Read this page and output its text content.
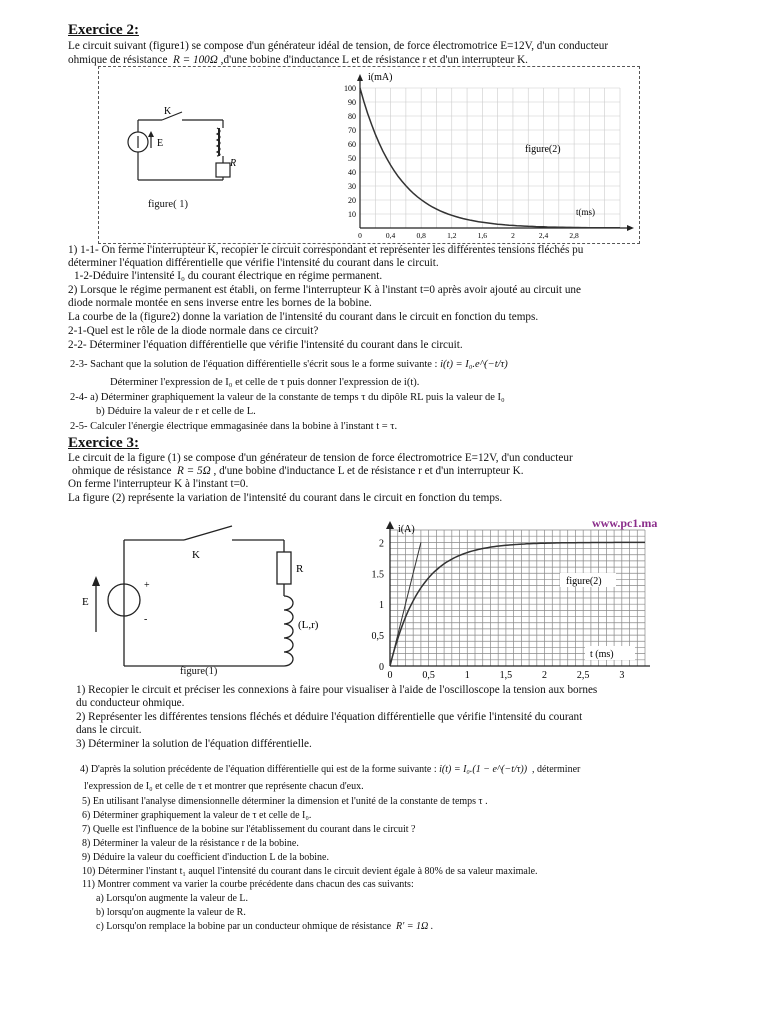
Exercice 2:
Le circuit suivant (figure1) se compose d'un générateur idéal de tension, de force électromotrice E=12V, d'un conducteur
ohmique de résistance R = 100Ω ,d'une bobine d'inductance L et de résistance r et d'un interrupteur K.
K
E
R
figure( 1)
100
90
80
70
60
50
40
30
20
10
0	0,4	0,8	1,2	1,6	2	2,4	2,8
i(mA)
t(ms)
figure(2)
1) 1-1- On ferme l'interrupteur K, recopier le circuit correspondant et représenter les différentes tensions fléchés pu
déterminer l'équation différentielle que vérifie l'intensité du courant dans le circuit.
1-2-Déduire l'intensité I₀ du courant électrique en régime permanent.
2) Lorsque le régime permanent est établi, on ferme l'interrupteur K à l'instant t=0 après avoir ajouté au circuit une
diode normale montée en sens inverse entre les bornes de la bobine.
La courbe de la (figure2) donne la variation de l'intensité du courant dans le circuit en fonction du temps.
2-1-Quel est le rôle de la diode normale dans ce circuit?
2-2- Déterminer l'équation différentielle que vérifie l'intensité du courant dans le circuit.
2-3- Sachant que la solution de l'équation différentielle s'écrit sous le a forme suivante : i(t) = I₀.e^(−t/τ)
Déterminer l'expression de I₀ et celle de τ puis donner l'expression de i(t).
2-4- a) Déterminer graphiquement la valeur de la constante de temps τ du dipôle RL puis la valeur de I₀
b) Déduire la valeur de r et celle de L.
2-5- Calculer l'énergie électrique emmagasinée dans la bobine à l'instant t = τ.
Exercice 3:
Le circuit de la figure (1) se compose d'un générateur de tension de force électromotrice E=12V, d'un conducteur
ohmique de résistance R = 5Ω , d'une bobine d'inductance L et de résistance r et d'un interrupteur K.
On ferme l'interrupteur K à l'instant t=0.
La figure (2) représente la variation de l'intensité du courant dans le circuit en fonction du temps.
+
-
K
E
R
(L,r)
figure(1)
2
1.5
1
0,5
0
0	0,5	1	1,5	2	2,5	3
figure(2)
t (ms)
i(A)	www.pc1.ma
1) Recopier le circuit et préciser les connexions à faire pour visualiser à l'aide de l'oscilloscope la tension aux bornes
du conducteur ohmique.
2) Représenter les différentes tensions fléchés et déduire l'équation différentielle que vérifie l'intensité du courant
dans le circuit.
3) Déterminer la solution de l'équation différentielle.
4) D'après la solution précédente de l'équation différentielle qui est de la forme suivante : i(t) = I₀.(1 − e^(−t/τ)) , déterminer
l'expression de I₀ et celle de τ et montrer que représente chacun d'eux.
5) En utilisant l'analyse dimensionnelle déterminer la dimension et l'unité de la constante de temps τ .
6) Déterminer graphiquement la valeur de τ et celle de I₀.
7) Quelle est l'influence de la bobine sur l'établissement du courant dans le circuit ?
8) Déterminer la valeur de la résistance r de la bobine.
9) Déduire la valeur du coefficient d'induction L de la bobine.
10) Déterminer l'instant t₁ auquel l'intensité du courant dans le circuit devient égale à 80% de sa valeur maximale.
11) Montrer comment va varier la courbe précédente dans chacun des cas suivants:
a) Lorsqu'on augmente la valeur de L.
b) lorsqu'on augmente la valeur de R.
c) Lorsqu'on remplace la bobine par un conducteur ohmique de résistance R' = 1Ω .
